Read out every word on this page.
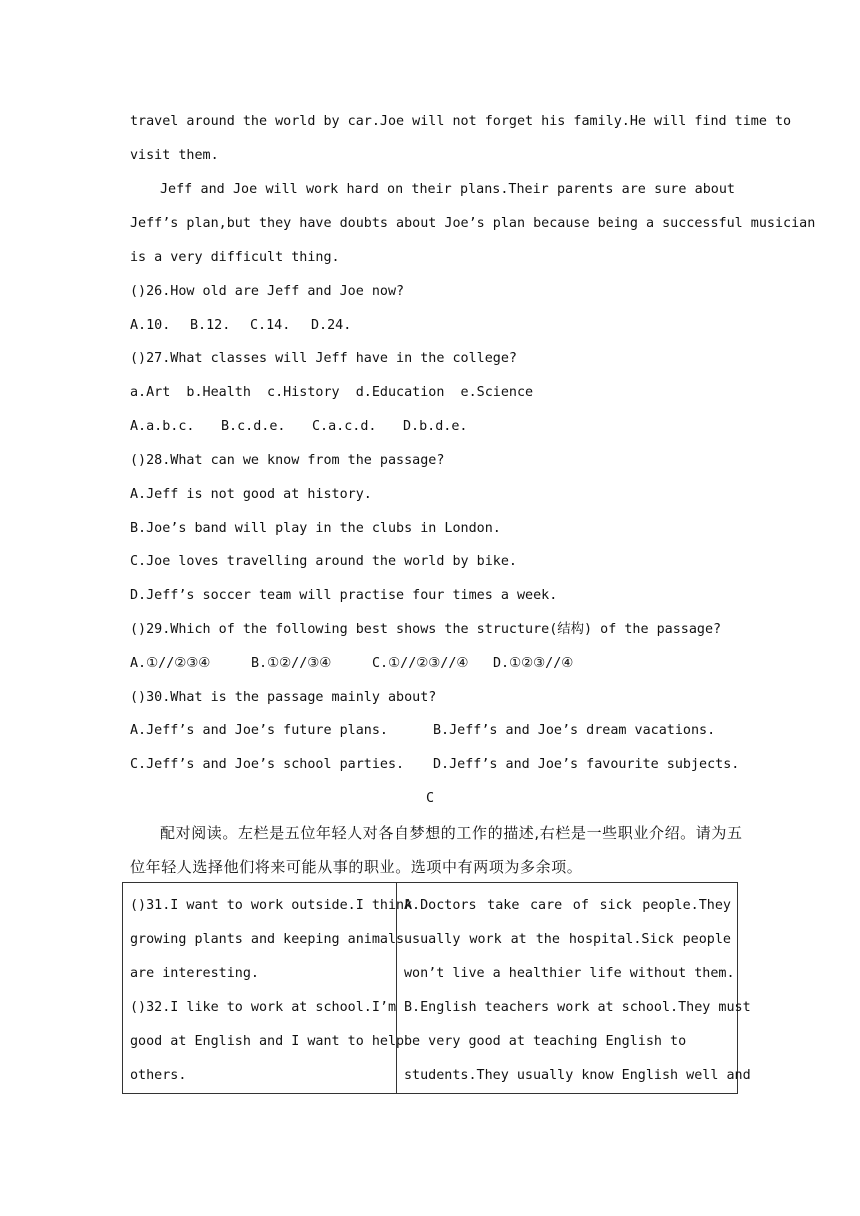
travel around the world by car.Joe will not forget his family.He will find time to
visit them.
Jeff and Joe will work hard on their plans.Their parents are sure about
Jeff’s plan,but they have doubts about Joe’s plan because being a successful musician
is a very difficult thing.
()26.How old are Jeff and Joe now?
A.10. B.12. C.14. D.24.
()27.What classes will Jeff have in the college?
a.Art  b.Health  c.History  d.Education  e.Science
A.a.b.c. B.c.d.e. C.a.c.d. D.b.d.e.
()28.What can we know from the passage?
A.Jeff is not good at history.
B.Joe’s band will play in the clubs in London.
C.Joe loves travelling around the world by bike.
D.Jeff’s soccer team will practise four times a week.
()29.Which of the following best shows the structure(结构) of the passage?
A.①//②③④	B.①②//③④	C.①//②③//④ D.①②③//④
()30.What is the passage mainly about?
A.Jeff’s and Joe’s future plans.	B.Jeff’s and Joe’s dream vacations.
C.Jeff’s and Joe’s school parties. D.Jeff’s and Joe’s favourite subjects.
C
配对阅读。左栏是五位年轻人对各自梦想的工作的描述,右栏是一些职业介绍。请为五
位年轻人选择他们将来可能从事的职业。选项中有两项为多余项。
()31.I want to work outside.I think
growing plants and keeping animals
are interesting.
()32.I like to work at school.I’m
good at English and I want to help
others.

A.Doctors take care of sick people.They
usually work at the hospital.Sick people
won’t live a healthier life without them.
B.English teachers work at school.They must
be very good at teaching English to
students.They usually know English well and
